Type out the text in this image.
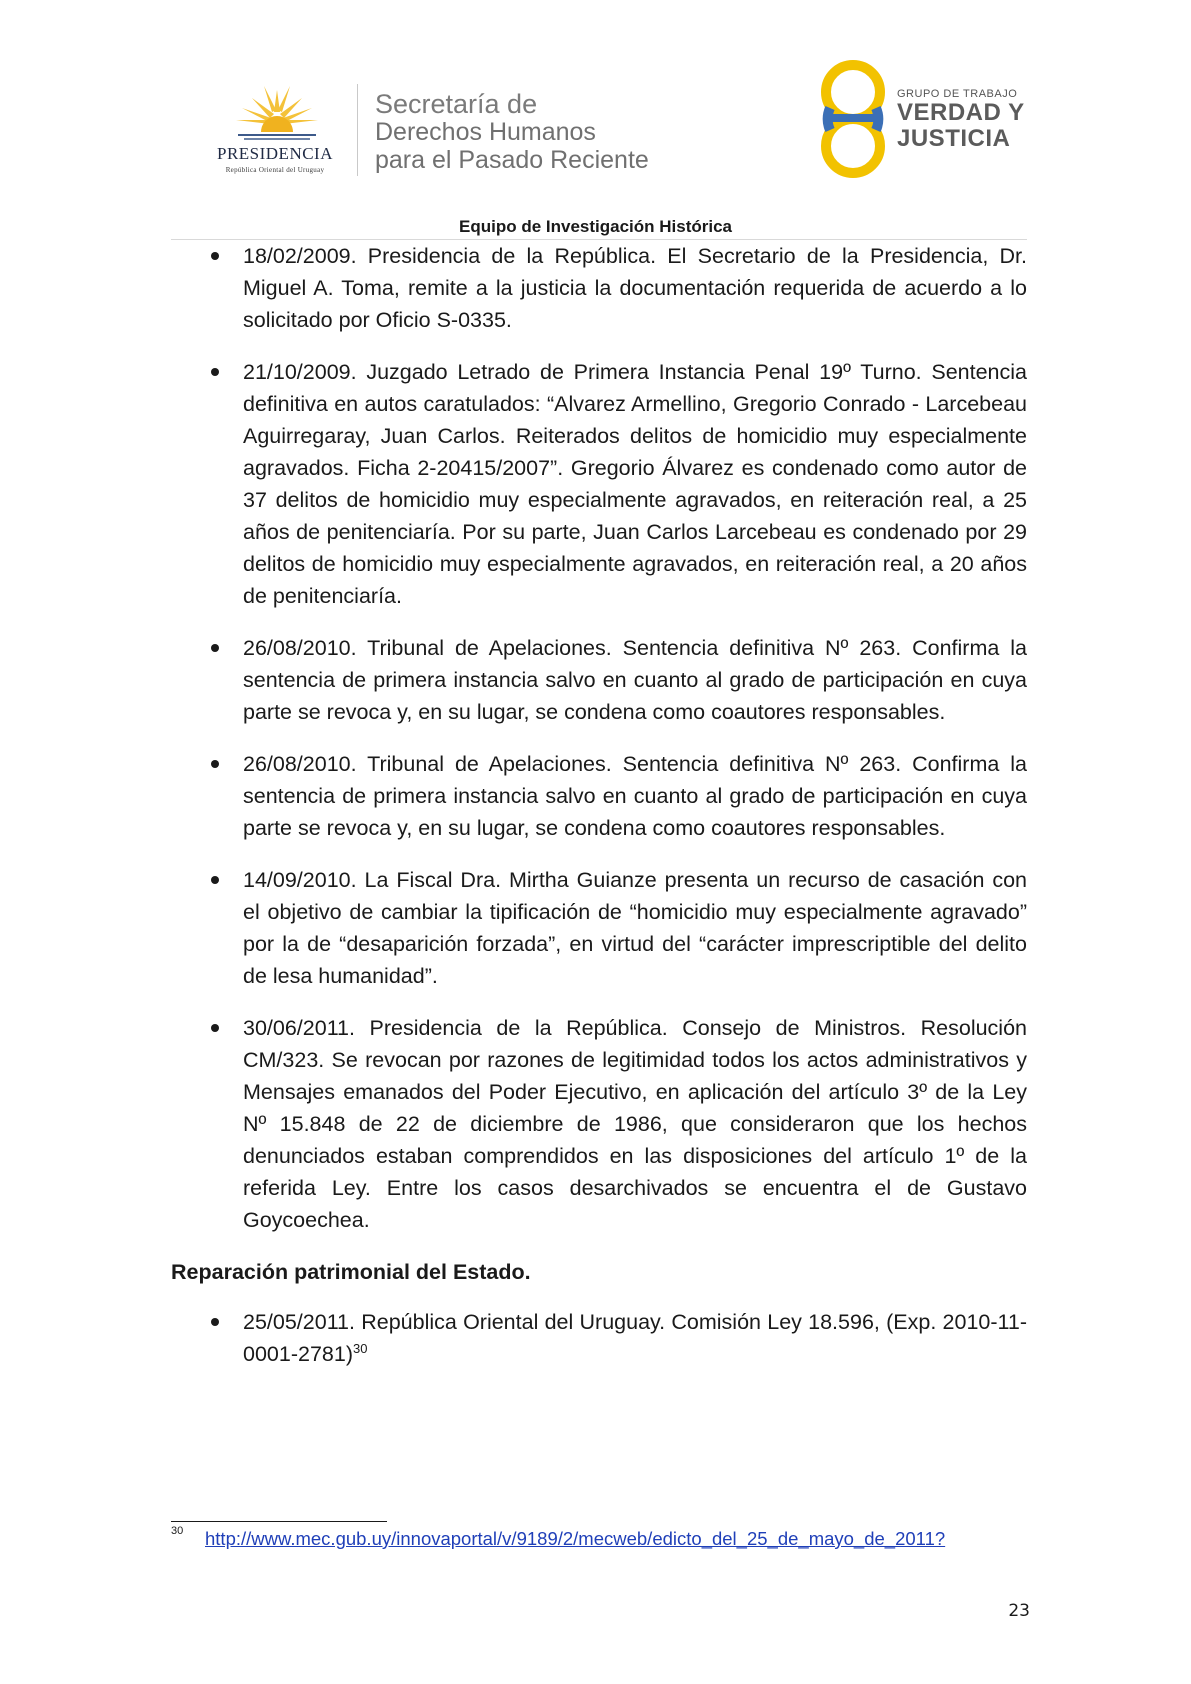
PRESIDENCIA
República Oriental del Uruguay
Secretaría de
Derechos Humanos
para el Pasado Reciente
GRUPO DE TRABAJO
VERDAD Y
JUSTICIA
Equipo de Investigación Histórica
18/02/2009. Presidencia de la República. El Secretario de la Presidencia, Dr. Miguel A. Toma, remite a la justicia la documentación requerida de acuerdo a lo solicitado por Oficio S-0335.
21/10/2009. Juzgado Letrado de Primera Instancia Penal 19º Turno. Sentencia definitiva en autos caratulados: “Alvarez Armellino, Gregorio Conrado - Larcebeau Aguirregaray, Juan Carlos. Reiterados delitos de homicidio muy especialmente agravados. Ficha 2-20415/2007”. Gregorio Álvarez es condenado como autor de 37 delitos de homicidio muy especialmente agravados, en reiteración real, a 25 años de penitenciaría. Por su parte, Juan Carlos Larcebeau es condenado por 29 delitos de homicidio muy especialmente agravados, en reiteración real, a 20 años de penitenciaría.
26/08/2010. Tribunal de Apelaciones. Sentencia definitiva Nº 263. Confirma la sentencia de primera instancia salvo en cuanto al grado de participación en cuya parte se revoca y, en su lugar, se condena como coautores responsables.
26/08/2010. Tribunal de Apelaciones. Sentencia definitiva Nº 263. Confirma la sentencia de primera instancia salvo en cuanto al grado de participación en cuya parte se revoca y, en su lugar, se condena como coautores responsables.
14/09/2010. La Fiscal Dra. Mirtha Guianze presenta un recurso de casación con el objetivo de cambiar la tipificación de “homicidio muy especialmente agravado” por la de “desaparición forzada”, en virtud del “carácter imprescriptible del delito de lesa humanidad”.
30/06/2011. Presidencia de la República. Consejo de Ministros. Resolución CM/323. Se revocan por razones de legitimidad todos los actos administrativos y Mensajes emanados del Poder Ejecutivo, en aplicación del artículo 3º de la Ley Nº 15.848 de 22 de diciembre de 1986, que consideraron que los hechos denunciados estaban comprendidos en las disposiciones del artículo 1º de la referida Ley. Entre los casos desarchivados se encuentra el de Gustavo Goycoechea.
Reparación patrimonial del Estado.
25/05/2011. República Oriental del Uruguay. Comisión Ley 18.596, (Exp. 2010-11-0001-2781)$^{30}$
30 http://www.mec.gub.uy/innovaportal/v/9189/2/mecweb/edicto_del_25_de_mayo_de_2011?
23
